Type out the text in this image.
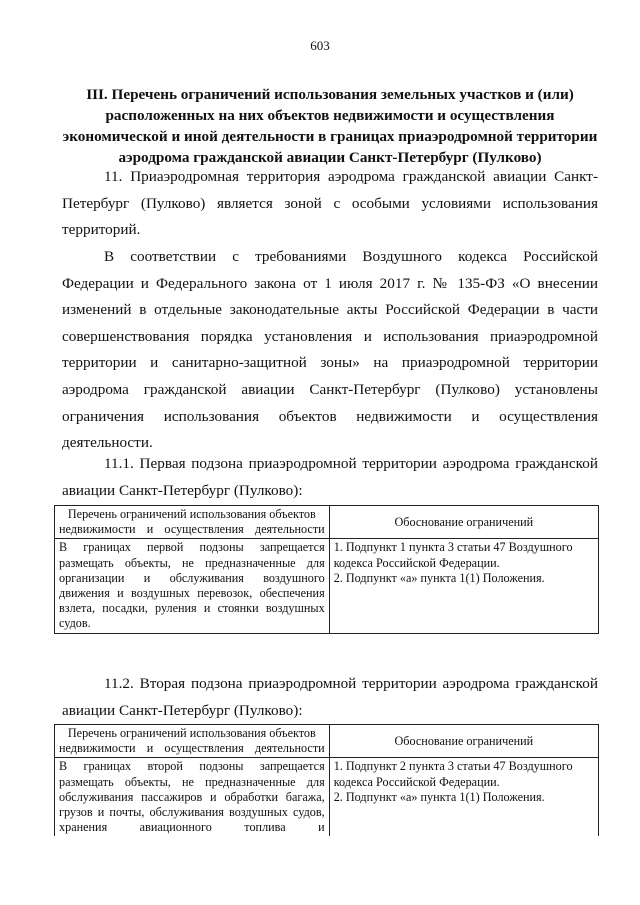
603
III. Перечень ограничений использования земельных участков и (или)
расположенных на них объектов недвижимости и осуществления
экономической и иной деятельности в границах приаэродромной территории
аэродрома гражданской авиации Санкт-Петербург (Пулково)
11. Приаэродромная территория аэродрома гражданской авиации Санкт-Петербург (Пулково) является зоной с особыми условиями использования территорий.
В соответствии с требованиями Воздушного кодекса Российской Федерации и Федерального закона от 1 июля 2017 г. № 135-ФЗ «О внесении изменений в отдельные законодательные акты Российской Федерации в части совершенствования порядка установления и использования приаэродромной территории и санитарно-защитной зоны» на приаэродромной территории аэродрома гражданской авиации Санкт-Петербург (Пулково) установлены ограничения использования объектов недвижимости и осуществления деятельности.
11.1. Первая подзона приаэродромной территории аэродрома гражданской авиации Санкт-Петербург (Пулково):
Перечень ограничений использования объектов недвижимости и осуществления деятельности	Обоснование ограничений
В границах первой подзоны запрещается размещать объекты, не предназначенные для организации и обслуживания воздушного движения и воздушных перевозок, обеспечения взлета, посадки, руления и стоянки воздушных судов.	1. Подпункт 1 пункта 3 статьи 47 Воздушного кодекса Российской Федерации.
2. Подпункт «а» пункта 1(1) Положения.
11.2. Вторая подзона приаэродромной территории аэродрома гражданской авиации Санкт-Петербург (Пулково):
Перечень ограничений использования объектов недвижимости и осуществления деятельности	Обоснование ограничений
В границах второй подзоны запрещается размещать объекты, не предназначенные для обслуживания пассажиров и обработки багажа, грузов и почты, обслуживания воздушных судов, хранения авиационного топлива и	1. Подпункт 2 пункта 3 статьи 47 Воздушного кодекса Российской Федерации.
2. Подпункт «а» пункта 1(1) Положения.
